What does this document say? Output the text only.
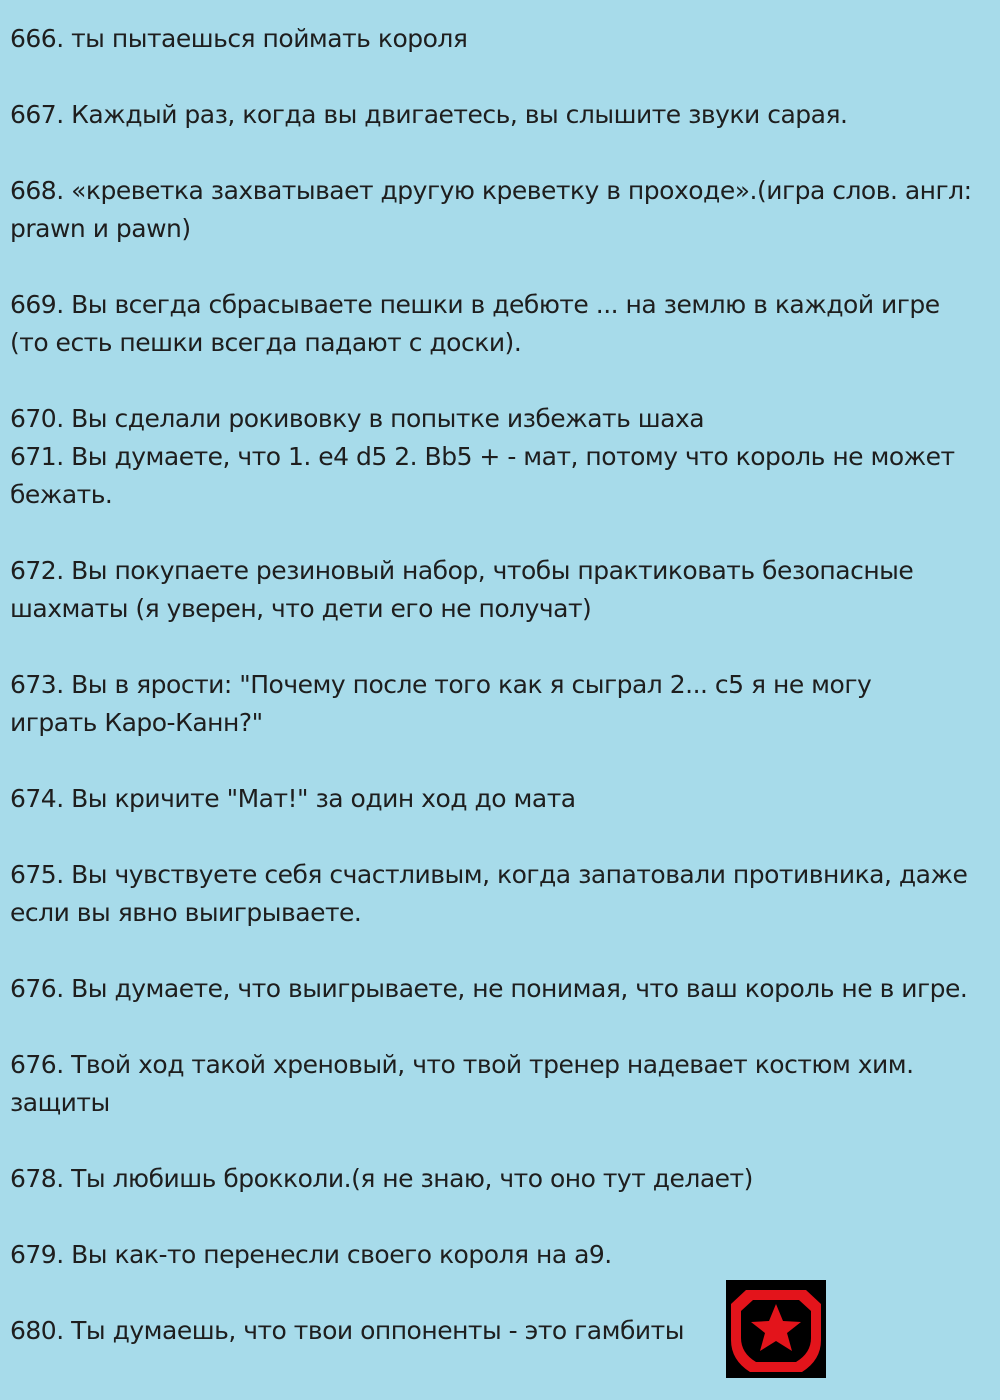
666. ты пытаешься поймать короля

667. Каждый раз, когда вы двигаетесь, вы слышите звуки сарая.

668. «креветка захватывает другую креветку в проходе».(игра слов. англ:
prawn и pawn)

669. Вы всегда сбрасываете пешки в дебюте ... на землю в каждой игре
(то есть пешки всегда падают с доски).

670. Вы сделали рокивовку в попытке избежать шаха

671. Вы думаете, что 1. e4 d5 2. Bb5 + - мат, потому что король не может
бежать.

672. Вы покупаете резиновый набор, чтобы практиковать безопасные
шахматы (я уверен, что дети его не получат)

673. Вы в ярости: "Почему после того как я сыграл 2... c5 я не могу
играть Каро-Канн?"

674. Вы кричите "Мат!" за один ход до мата

675. Вы чувствуете себя счастливым, когда запатовали противника, даже
если вы явно выигрываете.

676. Вы думаете, что выигрываете, не понимая, что ваш король не в игре.

676. Твой ход такой хреновый, что твой тренер надевает костюм хим.
защиты

678. Ты любишь брокколи.(я не знаю, что оно тут делает)

679. Вы как-то перенесли своего короля на a9.

680. Ты думаешь, что твои оппоненты - это гамбиты
